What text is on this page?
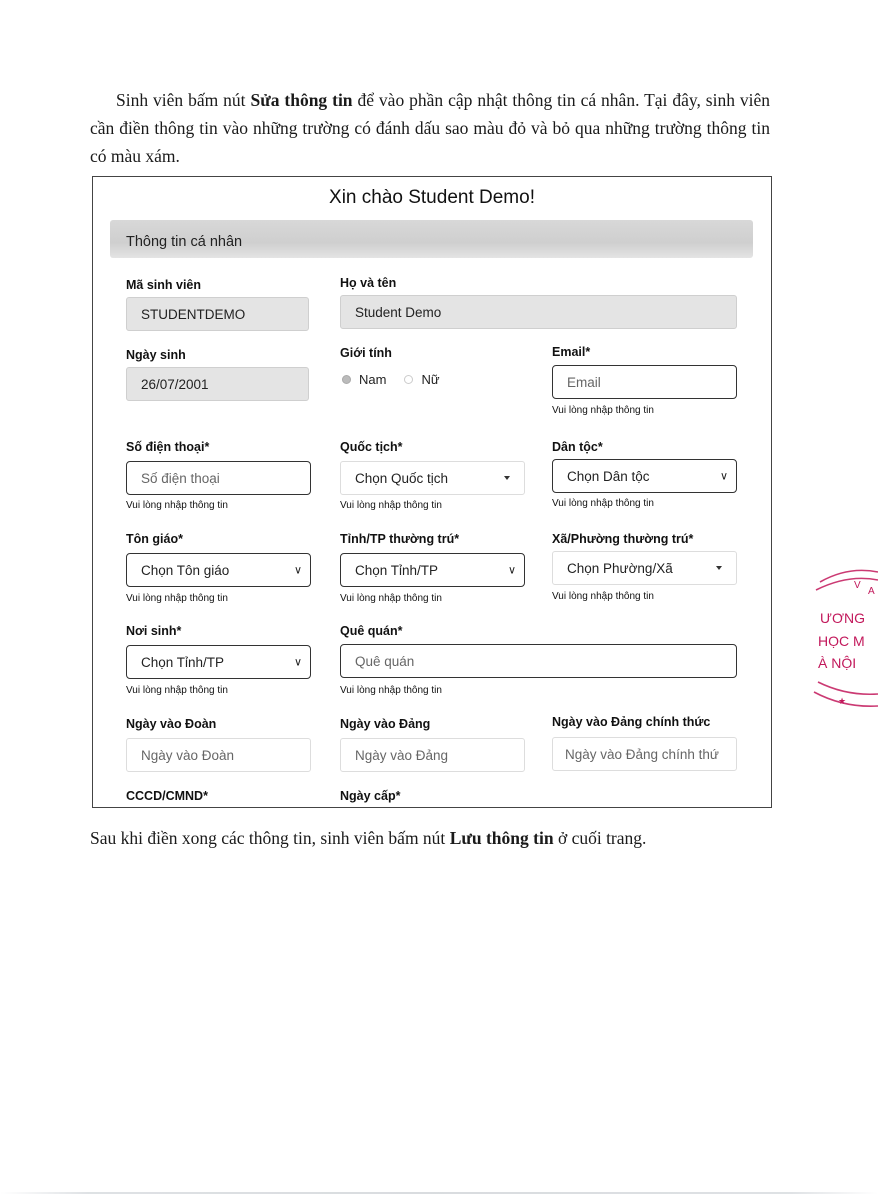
Sinh viên bấm nút Sửa thông tin để vào phần cập nhật thông tin cá nhân. Tại đây, sinh viên cần điền thông tin vào những trường có đánh dấu sao màu đỏ và bỏ qua những trường thông tin có màu xám.
Xin chào Student Demo!
Thông tin cá nhân
Mã sinh viên
STUDENTDEMO
Họ và tên
Student Demo
Ngày sinh
26/07/2001
Giới tính
Nam	Nữ
Email*
Email
Vui lòng nhập thông tin
Số điện thoại*
Số điện thoại
Vui lòng nhập thông tin
Quốc tịch*
Chọn Quốc tịch
Vui lòng nhập thông tin
Dân tộc*
Chọn Dân tộc	∨
Vui lòng nhập thông tin
Tôn giáo*
Chọn Tôn giáo	∨
Vui lòng nhập thông tin
Tỉnh/TP thường trú*
Chọn Tỉnh/TP	∨
Vui lòng nhập thông tin
Xã/Phường thường trú*
Chọn Phường/Xã
Vui lòng nhập thông tin
Nơi sinh*
Chọn Tỉnh/TP	∨
Vui lòng nhập thông tin
Quê quán*
Quê quán
Vui lòng nhập thông tin
Ngày vào Đoàn
Ngày vào Đoàn
Ngày vào Đảng
Ngày vào Đảng
Ngày vào Đảng chính thức
Ngày vào Đảng chính thứ
CCCD/CMND*	Ngày cấp*
Sau khi điền xong các thông tin, sinh viên bấm nút Lưu thông tin ở cuối trang.
V
A
ƯƠNG
HỌC M
À NỘI
★
